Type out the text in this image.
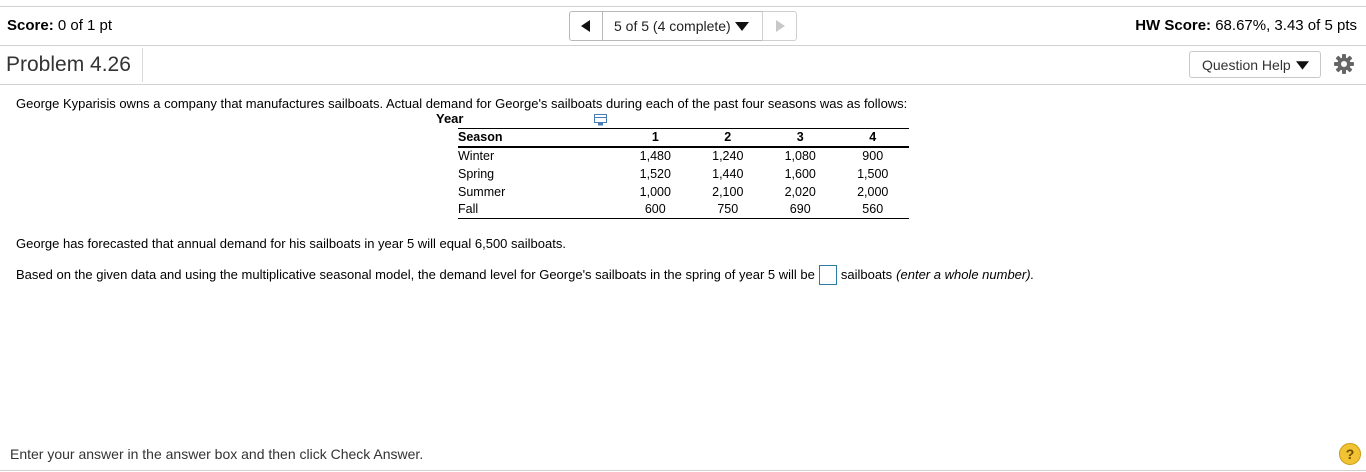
Score: 0 of 1 pt	5 of 5 (4 complete)	HW Score: 68.67%, 3.43 of 5 pts
Problem 4.26	Question Help
George Kyparisis owns a company that manufactures sailboats. Actual demand for George's sailboats during each of the past four seasons was as follows:
Year
Season	1	2	3	4
Winter	1,480	1,240	1,080	900
Spring	1,520	1,440	1,600	1,500
Summer	1,000	2,100	2,020	2,000
Fall	600	750	690	560
George has forecasted that annual demand for his sailboats in year 5 will equal 6,500 sailboats.
Based on the given data and using the multiplicative seasonal model, the demand level for George's sailboats in the spring of year 5 will be sailboats (enter a whole number).
Enter your answer in the answer box and then click Check Answer.	?
